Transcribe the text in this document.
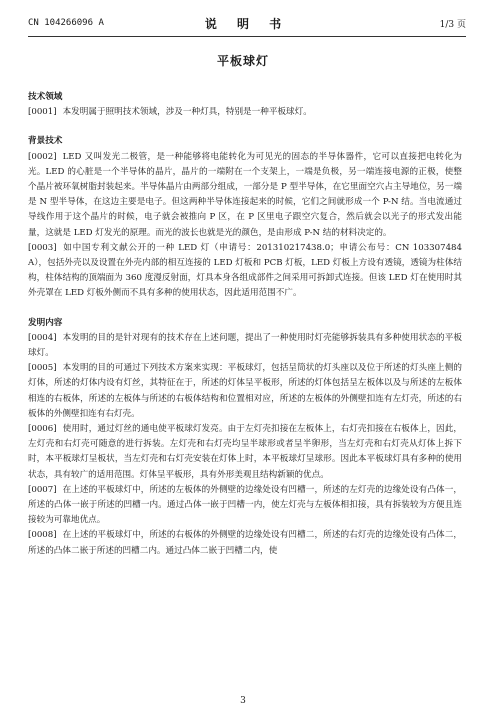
CN 104266096 A	说 明 书	1/3 页
平板球灯
技术领域

[0001] 本发明属于照明技术领域，涉及一种灯具，特别是一种平板球灯。

背景技术

[0002] LED 又叫发光二极管，是一种能够将电能转化为可见光的固态的半导体器件，它可以直接把电转化为光。LED 的心脏是一个半导体的晶片，晶片的一端附在一个支架上，一端是负极，另一端连接电源的正极，使整个晶片被环氧树脂封装起来。半导体晶片由两部分组成，一部分是 P 型半导体，在它里面空穴占主导地位，另一端是 N 型半导体，在这边主要是电子。但这两种半导体连接起来的时候，它们之间就形成一个 P-N 结。当电流通过导线作用于这个晶片的时候，电子就会被推向 P 区，在 P 区里电子跟空穴复合，然后就会以光子的形式发出能量，这就是 LED 灯发光的原理。而光的波长也就是光的颜色，是由形成 P-N 结的材料决定的。

[0003] 如中国专利文献公开的一种 LED 灯（申请号：201310217438.0；申请公布号：CN 103307484 A），包括外壳以及设置在外壳内部的相互连接的 LED 灯板和 PCB 灯板，LED 灯板上方设有透镜，透镜为柱体结构，柱体结构的顶端面为 360 度漫反射面，灯具本身各组成部件之间采用可拆卸式连接。但该 LED 灯在使用时其外壳罩在 LED 灯板外侧而不具有多种的使用状态，因此适用范围不广。

发明内容

[0004] 本发明的目的是针对现有的技术存在上述问题，提出了一种使用时灯壳能够拆装具有多种使用状态的平板球灯。

[0005] 本发明的目的可通过下列技术方案来实现：平板球灯，包括呈筒状的灯头座以及位于所述的灯头座上侧的灯体，所述的灯体内设有灯丝，其特征在于，所述的灯体呈平板形，所述的灯体包括呈左板体以及与所述的左板体相连的右板体，所述的左板体与所述的右板体结构和位置相对应，所述的左板体的外侧壁扣连有左灯壳，所述的右板体的外侧壁扣连有右灯壳。

[0006] 使用时，通过灯丝的通电使平板球灯发亮。由于左灯壳扣接在左板体上，右灯壳扣接在右板体上，因此，左灯壳和右灯壳可随意的进行拆装。左灯壳和右灯壳均呈半球形或者呈半卵形，当左灯壳和右灯壳从灯体上拆下时，本平板球灯呈板状，当左灯壳和右灯壳安装在灯体上时，本平板球灯呈球形。因此本平板球灯具有多种的使用状态，具有较广的适用范围。灯体呈平板形，具有外形美观且结构新颖的优点。

[0007] 在上述的平板球灯中，所述的左板体的外侧壁的边缘处设有凹槽一，所述的左灯壳的边缘处设有凸体一，所述的凸体一嵌于所述的凹槽一内。通过凸体一嵌于凹槽一内，使左灯壳与左板体相扣接，具有拆装较为方便且连接较为可靠地优点。

[0008] 在上述的平板球灯中，所述的右板体的外侧壁的边缘处设有凹槽二，所述的右灯壳的边缘处设有凸体二，所述的凸体二嵌于所述的凹槽二内。通过凸体二嵌于凹槽二内，使

3
